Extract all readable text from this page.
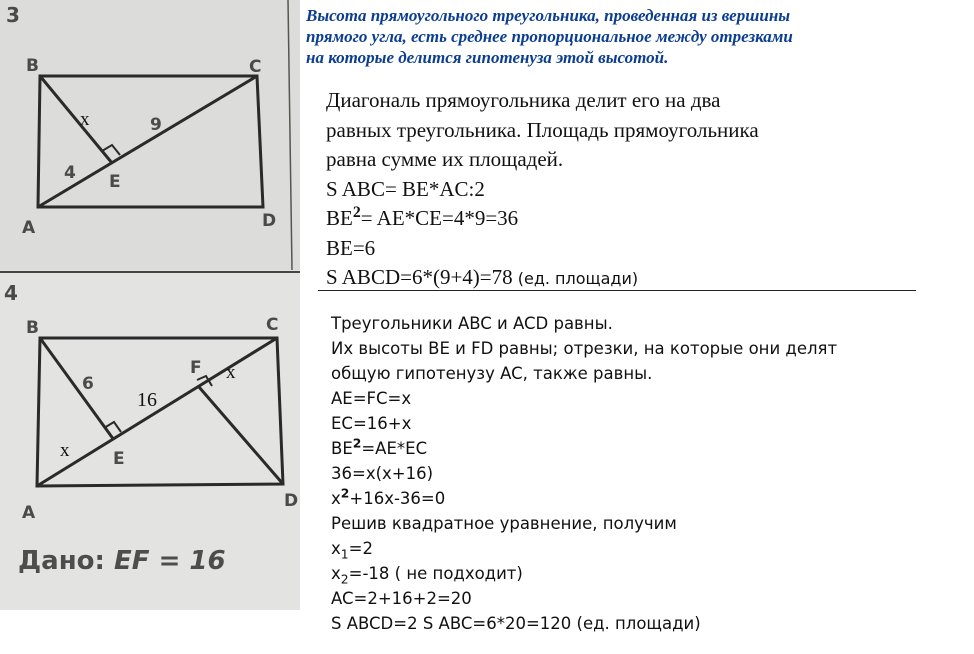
3
B	C
A	D
E
x	9
4
4
B	C
A
D
E
F
6
16
x
x
Дано: EF = 16
Высота прямоугольного треугольника, проведенная из вершины
прямого угла, есть среднее пропорциональное между отрезками
на которые делится гипотенуза этой высотой.
Диагональ прямоугольника делит его на два
равных треугольника. Площадь прямоугольника
равна сумме их площадей.
S ABC= BE*AC:2
$BE^2= AE*CE=4*9=36$
BE=6
S ABCD=6*(9+4)=78 (ед. площади)
Треугольники ABC и ACD равны.
Их высоты BE и FD равны; отрезки, на которые они делят
общую гипотенузу AC, также равны.
AE=FC=x
EC=16+x
$BE^2=AE*EC$
36=x(x+16)
$x^2+16x-36=0$
Решив квадратное уравнение, получим
$x_1=2$
$x_2=-18$ ( не подходит)
AC=2+16+2=20
S ABCD=2 S ABC=6*20=120 (ед. площади)
